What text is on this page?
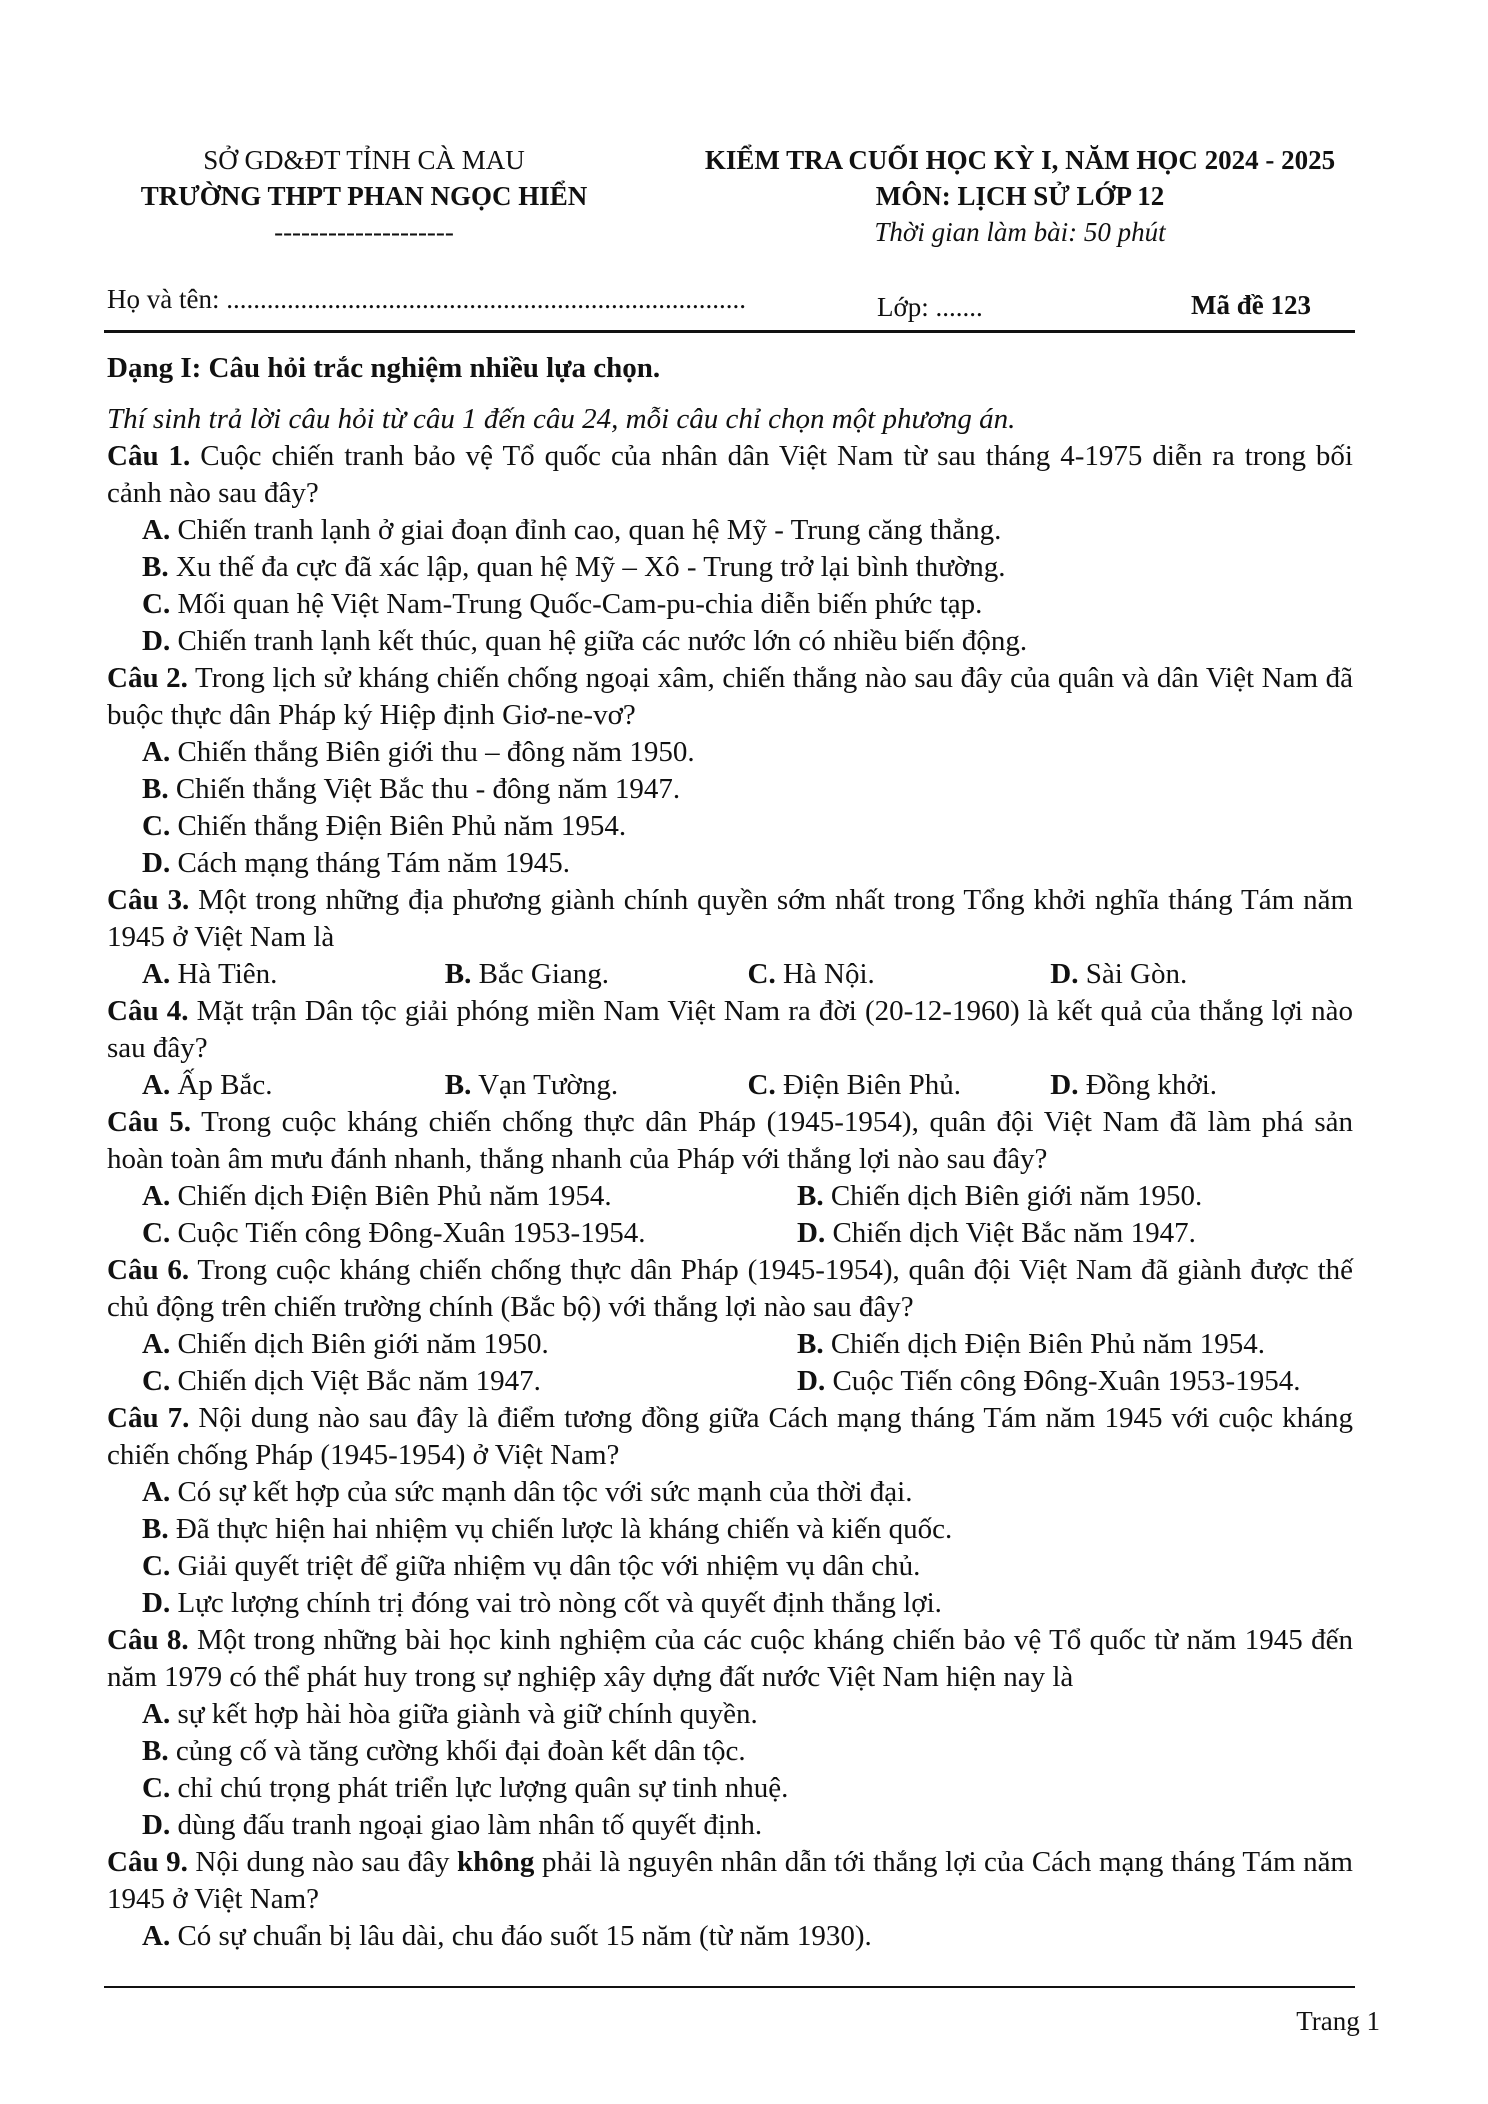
SỞ GD&ĐT TỈNH CÀ MAU
TRƯỜNG THPT PHAN NGỌC HIỂN
--------------------
KIỂM TRA CUỐI HỌC KỲ I, NĂM HỌC 2024 - 2025
MÔN: LỊCH SỬ LỚP 12
Thời gian làm bài: 50 phút
Họ và tên: .............................................................................	Lớp: .......	Mã đề 123
Dạng I: Câu hỏi trắc nghiệm nhiều lựa chọn.
Thí sinh trả lời câu hỏi từ câu 1 đến câu 24, mỗi câu chỉ chọn một phương án.
Câu 1. Cuộc chiến tranh bảo vệ Tổ quốc của nhân dân Việt Nam từ sau tháng 4-1975 diễn ra trong bối cảnh nào sau đây?
A. Chiến tranh lạnh ở giai đoạn đỉnh cao, quan hệ Mỹ - Trung căng thẳng.
B. Xu thế đa cực đã xác lập, quan hệ Mỹ – Xô - Trung trở lại bình thường.
C. Mối quan hệ Việt Nam-Trung Quốc-Cam-pu-chia diễn biến phức tạp.
D. Chiến tranh lạnh kết thúc, quan hệ giữa các nước lớn có nhiều biến động.
Câu 2. Trong lịch sử kháng chiến chống ngoại xâm, chiến thắng nào sau đây của quân và dân Việt Nam đã buộc thực dân Pháp ký Hiệp định Giơ-ne-vơ?
A. Chiến thắng Biên giới thu – đông năm 1950.
B. Chiến thắng Việt Bắc thu - đông năm 1947.
C. Chiến thắng Điện Biên Phủ năm 1954.
D. Cách mạng tháng Tám năm 1945.
Câu 3. Một trong những địa phương giành chính quyền sớm nhất trong Tổng khởi nghĩa tháng Tám năm 1945 ở Việt Nam là
A. Hà Tiên.	B. Bắc Giang.	C. Hà Nội.	D. Sài Gòn.
Câu 4. Mặt trận Dân tộc giải phóng miền Nam Việt Nam ra đời (20-12-1960) là kết quả của thắng lợi nào sau đây?
A. Ấp Bắc.	B. Vạn Tường.	C. Điện Biên Phủ.	D. Đồng khởi.
Câu 5. Trong cuộc kháng chiến chống thực dân Pháp (1945-1954), quân đội Việt Nam đã làm phá sản hoàn toàn âm mưu đánh nhanh, thắng nhanh của Pháp với thắng lợi nào sau đây?
A. Chiến dịch Điện Biên Phủ năm 1954.	B. Chiến dịch Biên giới năm 1950.
C. Cuộc Tiến công Đông-Xuân 1953-1954.	D. Chiến dịch Việt Bắc năm 1947.
Câu 6. Trong cuộc kháng chiến chống thực dân Pháp (1945-1954), quân đội Việt Nam đã giành được thế chủ động trên chiến trường chính (Bắc bộ) với thắng lợi nào sau đây?
A. Chiến dịch Biên giới năm 1950.	B. Chiến dịch Điện Biên Phủ năm 1954.
C. Chiến dịch Việt Bắc năm 1947.	D. Cuộc Tiến công Đông-Xuân 1953-1954.
Câu 7. Nội dung nào sau đây là điểm tương đồng giữa Cách mạng tháng Tám năm 1945 với cuộc kháng chiến chống Pháp (1945-1954) ở Việt Nam?
A. Có sự kết hợp của sức mạnh dân tộc với sức mạnh của thời đại.
B. Đã thực hiện hai nhiệm vụ chiến lược là kháng chiến và kiến quốc.
C. Giải quyết triệt để giữa nhiệm vụ dân tộc với nhiệm vụ dân chủ.
D. Lực lượng chính trị đóng vai trò nòng cốt và quyết định thắng lợi.
Câu 8. Một trong những bài học kinh nghiệm của các cuộc kháng chiến bảo vệ Tổ quốc từ năm 1945 đến năm 1979 có thể phát huy trong sự nghiệp xây dựng đất nước Việt Nam hiện nay là
A. sự kết hợp hài hòa giữa giành và giữ chính quyền.
B. củng cố và tăng cường khối đại đoàn kết dân tộc.
C. chỉ chú trọng phát triển lực lượng quân sự tinh nhuệ.
D. dùng đấu tranh ngoại giao làm nhân tố quyết định.
Câu 9. Nội dung nào sau đây không phải là nguyên nhân dẫn tới thắng lợi của Cách mạng tháng Tám năm 1945 ở Việt Nam?
A. Có sự chuẩn bị lâu dài, chu đáo suốt 15 năm (từ năm 1930).
Trang 1
